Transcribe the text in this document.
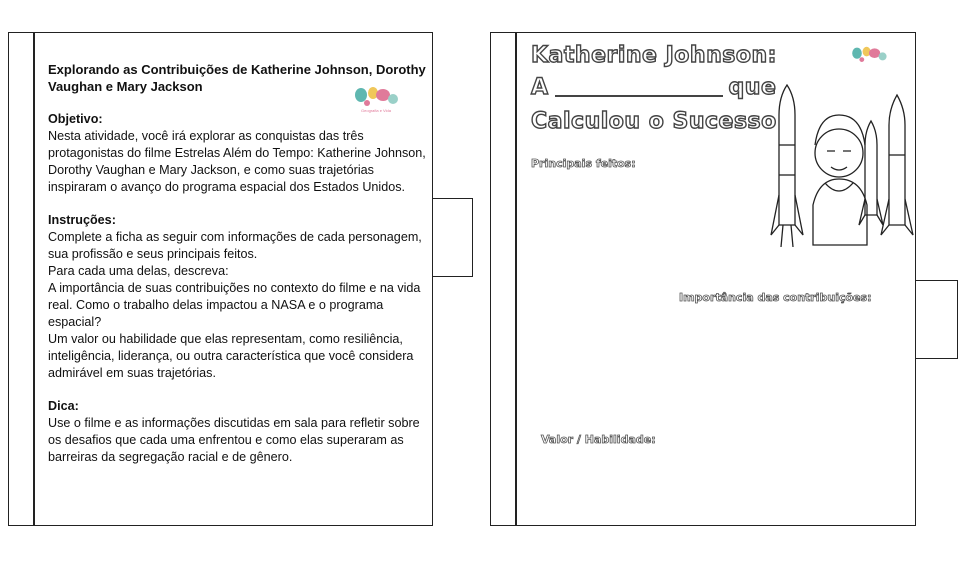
Geografia e Vida
Explorando as Contribuições de Katherine Johnson, Dorothy Vaughan e Mary Jackson

Objetivo:

Nesta atividade, você irá explorar as conquistas das três protagonistas do filme Estrelas Além do Tempo: Katherine Johnson, Dorothy Vaughan e Mary Jackson, e como suas trajetórias inspiraram o avanço do programa espacial dos Estados Unidos.

Instruções:

Complete a ficha as seguir com informações de cada personagem, sua profissão e seus principais feitos.

Para cada uma delas, descreva:

A importância de suas contribuições no contexto do filme e na vida real. Como o trabalho delas impactou a NASA e o programa espacial?

Um valor ou habilidade que elas representam, como resiliência, inteligência, liderança, ou outra característica que você considera admirável em suas trajetórias.

Dica:

Use o filme e as informações discutidas em sala para refletir sobre os desafios que cada uma enfrentou e como elas superaram as barreiras da segregação racial e de gênero.

Katherine Johnson:
A	que
Calculou o Sucesso
Principais feitos:
Importância das contribuições:
Valor / Habilidade:
